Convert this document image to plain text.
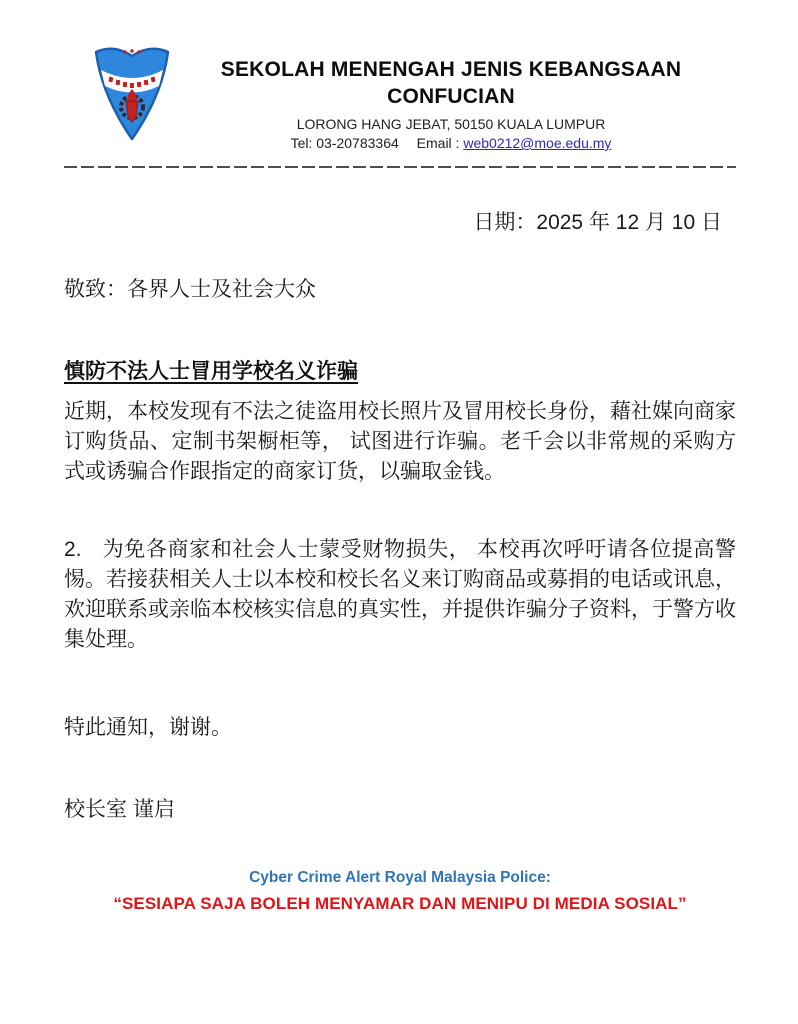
SEKOLAH MENENGAH JENIS KEBANGSAAN
CONFUCIAN
LORONG HANG JEBAT, 50150 KUALA LUMPUR
Tel: 03-20783364 Email : web0212@moe.edu.my

日期：2025 年 12 月 10 日

敬致：各界人士及社会大众

慎防不法人士冒用学校名义诈骗

近期，本校发现有不法之徒盗用校长照片及冒用校长身份，藉社媒向商家订购货品、定制书架橱柜等， 试图进行诈骗。老千会以非常规的采购方式或诱骗合作跟指定的商家订货，以骗取金钱。

2. 为免各商家和社会人士蒙受财物损失， 本校再次呼吁请各位提高警惕。若接获相关人士以本校和校长名义来订购商品或募捐的电话或讯息，欢迎联系或亲临本校核实信息的真实性，并提供诈骗分子资料，于警方收集处理。

特此通知，谢谢。

校长室 谨启

Cyber Crime Alert Royal Malaysia Police:

“SESIAPA SAJA BOLEH MENYAMAR DAN MENIPU DI MEDIA SOSIAL”
